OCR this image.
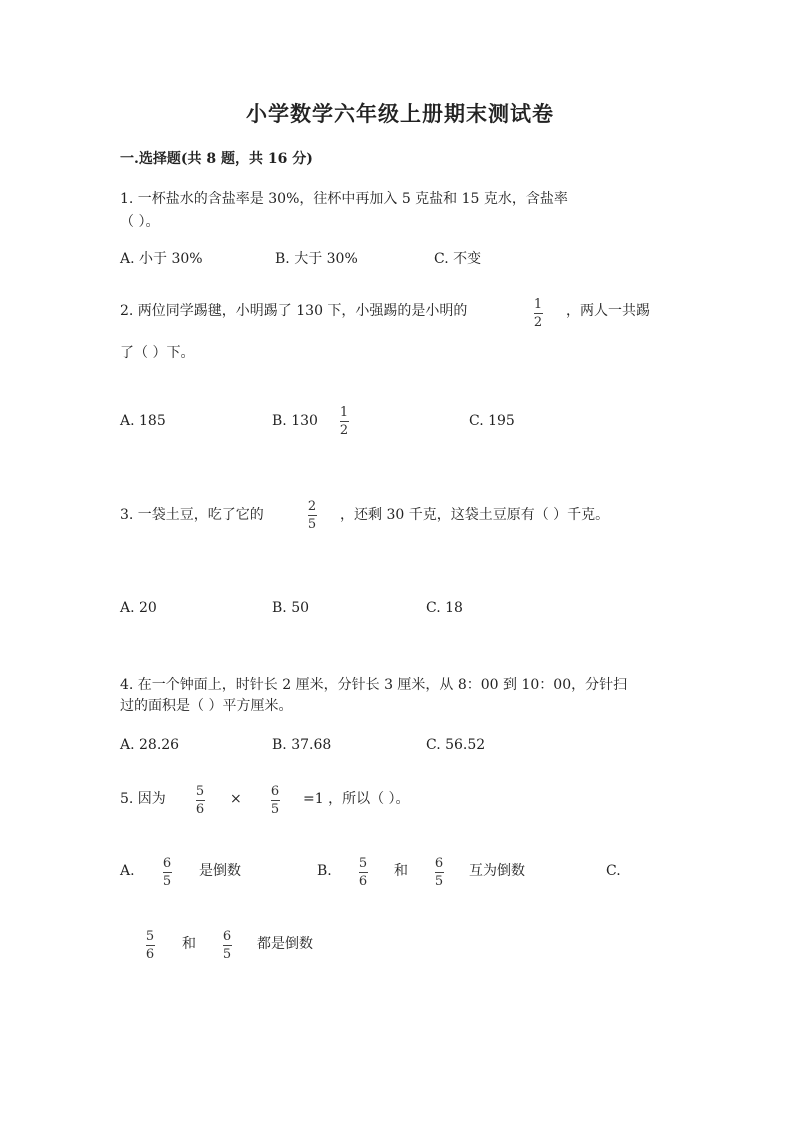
小学数学六年级上册期末测试卷
一.选择题(共 8 题，共 16 分)
1. 一杯盐水的含盐率是 30%，往杯中再加入 5 克盐和 15 克水，含盐率
（ ）。
A. 小于 30%	B. 大于 30%	C. 不变
2. 两位同学踢毽，小明踢了 130 下，小强踢的是小明的	1
2
，两人一共踢
了（ ）下。
A. 185	B. 130
1
2
C. 195
3. 一袋土豆，吃了它的
2
5
，还剩 30 千克，这袋土豆原有（ ）千克。
A. 20	B. 50	C. 18
4. 在一个钟面上，时针长 2 厘米，分针长 3 厘米，从 8：00 到 10：00，分针扫
过的面积是（ ）平方厘米。
A. 28.26	B. 37.68	C. 56.52
5. 因为 5
6
× 6
5
=1 ，所以（ ）。
A. 6
5
是倒数	B. 5
6
和 6
5
互为倒数	C.
5
6
和 6
5
都是倒数
